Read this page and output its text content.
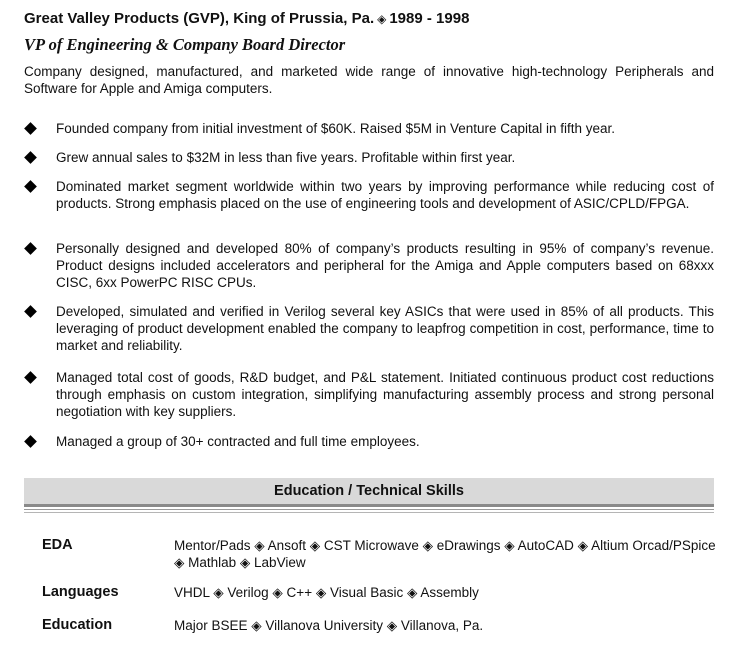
Great Valley Products (GVP), King of Prussia, Pa. ◈ 1989 - 1998
VP of Engineering & Company Board Director
Company designed, manufactured, and marketed wide range of innovative high-technology Peripherals and Software for Apple and Amiga computers.
Founded company from initial investment of $60K. Raised $5M in Venture Capital in fifth year.
Grew annual sales to $32M in less than five years. Profitable within first year.
Dominated market segment worldwide within two years by improving performance while reducing cost of products. Strong emphasis placed on the use of engineering tools and development of ASIC/CPLD/FPGA.
Personally designed and developed 80% of company’s products resulting in 95% of company’s revenue. Product designs included accelerators and peripheral for the Amiga and Apple computers based on 68xxx CISC, 6xx PowerPC RISC CPUs.
Developed, simulated and verified in Verilog several key ASICs that were used in 85% of all products. This leveraging of product development enabled the company to leapfrog competition in cost, performance, time to market and reliability.
Managed total cost of goods, R&D budget, and P&L statement. Initiated continuous product cost reductions through emphasis on custom integration, simplifying manufacturing assembly process and strong personal negotiation with key suppliers.
Managed a group of 30+ contracted and full time employees.
Education / Technical Skills
EDA	Mentor/Pads ◈ Ansoft ◈ CST Microwave ◈ eDrawings ◈ AutoCAD ◈ Altium Orcad/PSpice ◈ Mathlab ◈ LabView
Languages	VHDL ◈ Verilog ◈ C++ ◈ Visual Basic ◈ Assembly
Education	Major BSEE ◈ Villanova University ◈ Villanova, Pa.
